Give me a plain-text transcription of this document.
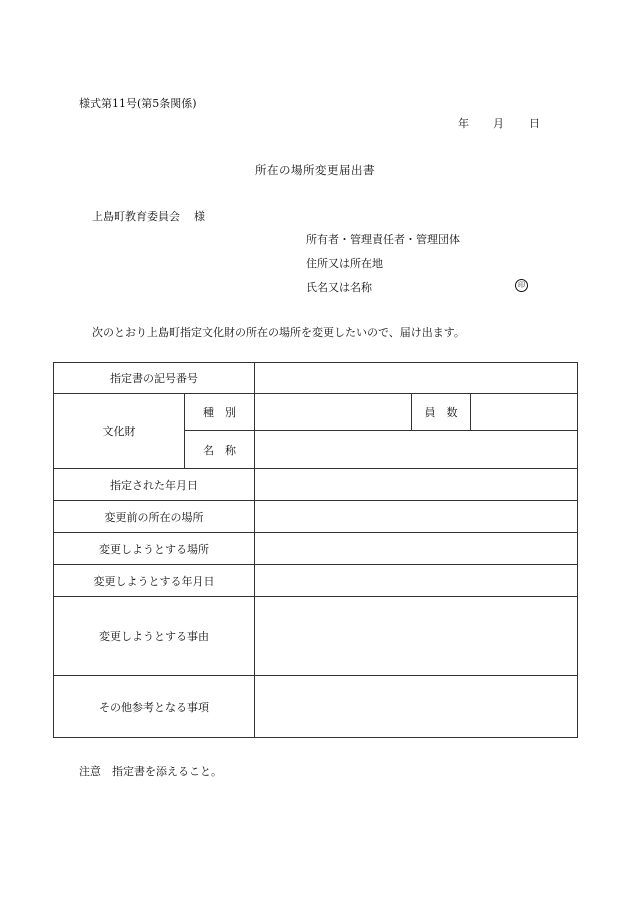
様式第11号(第5条関係)
年 月 日
所在の場所変更届出書
上島町教育委員会 様
所有者・管理責任者・管理団体
住所又は所在地
氏名又は名称	印
次のとおり上島町指定文化財の所在の場所を変更したいので、届け出ます。
指定書の記号番号				
文化財	種　別		員　数	
	名　称			
指定された年月日				
変更前の所在の場所				
変更しようとする場所				
変更しようとする年月日				
変更しようとする事由				
その他参考となる事項				
注意 指定書を添えること。
